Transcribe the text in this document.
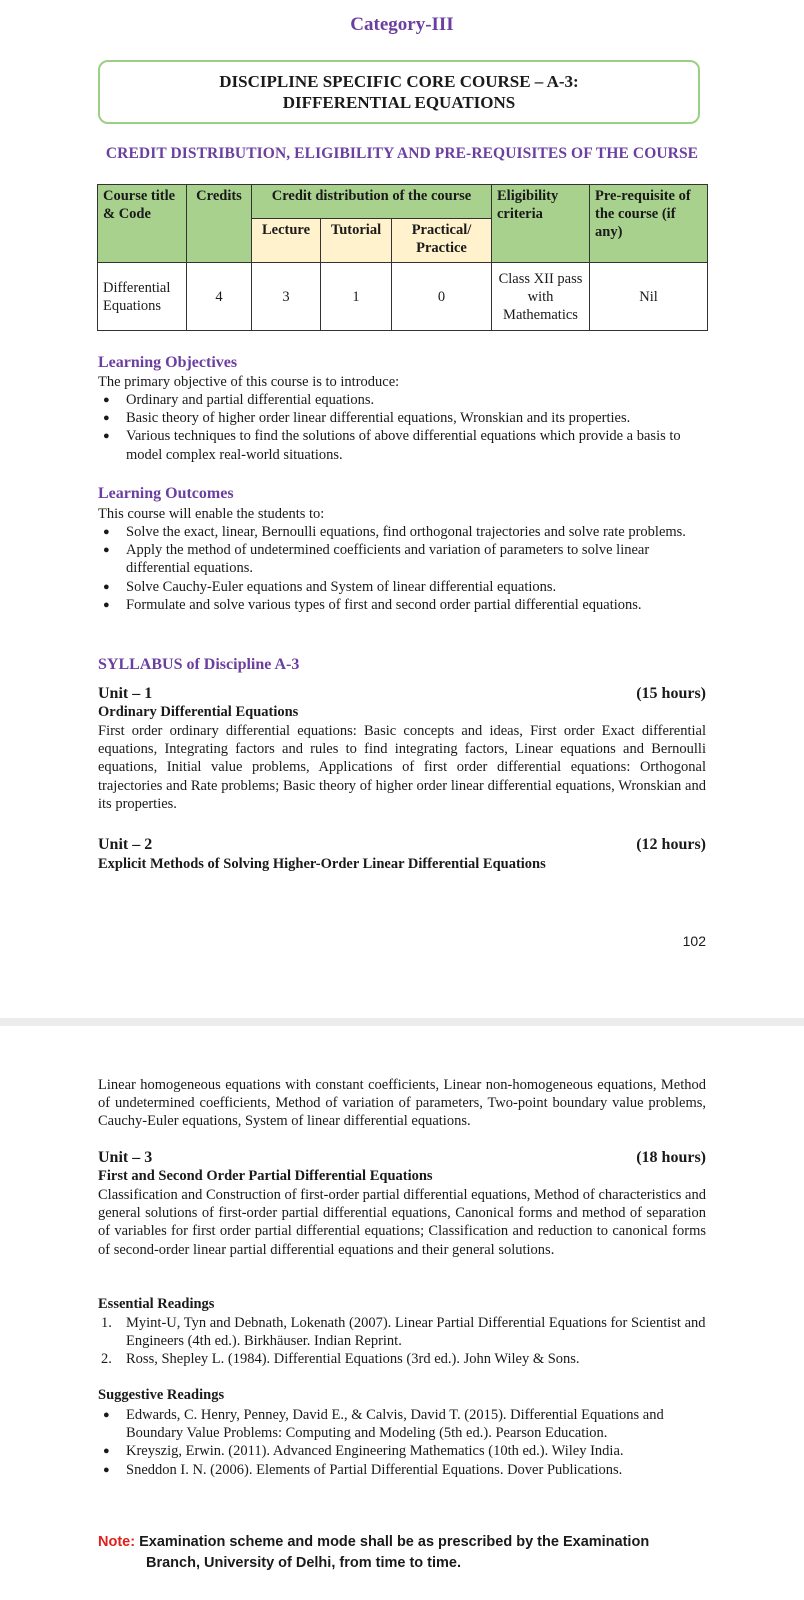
Category-III
DISCIPLINE SPECIFIC CORE COURSE – A-3:
DIFFERENTIAL EQUATIONS
CREDIT DISTRIBUTION, ELIGIBILITY AND PRE-REQUISITES OF THE COURSE
Course title & Code	Credits	Credit distribution of the course			Eligibility criteria	Pre-requisite of the course (if any)
		Lecture	Tutorial	Practical/ Practice		
Differential Equations	4	3	1	0	Class XII pass with Mathematics	Nil
Learning Objectives
The primary objective of this course is to introduce:
● Ordinary and partial differential equations.
● Basic theory of higher order linear differential equations, Wronskian and its properties.
● Various techniques to find the solutions of above differential equations which provide a basis to model complex real-world situations.
Learning Outcomes
This course will enable the students to:
● Solve the exact, linear, Bernoulli equations, find orthogonal trajectories and solve rate problems.
● Apply the method of undetermined coefficients and variation of parameters to solve linear differential equations.
● Solve Cauchy-Euler equations and System of linear differential equations.
● Formulate and solve various types of first and second order partial differential equations.
SYLLABUS of Discipline A-3
Unit – 1	(15 hours)
Ordinary Differential Equations
First order ordinary differential equations: Basic concepts and ideas, First order Exact differential equations, Integrating factors and rules to find integrating factors, Linear equations and Bernoulli equations, Initial value problems, Applications of first order differential equations: Orthogonal trajectories and Rate problems; Basic theory of higher order linear differential equations, Wronskian and its properties.
Unit – 2	(12 hours)
Explicit Methods of Solving Higher-Order Linear Differential Equations
102
Linear homogeneous equations with constant coefficients, Linear non-homogeneous equations, Method of undetermined coefficients, Method of variation of parameters, Two-point boundary value problems, Cauchy-Euler equations, System of linear differential equations.
Unit – 3	(18 hours)
First and Second Order Partial Differential Equations
Classification and Construction of first-order partial differential equations, Method of characteristics and general solutions of first-order partial differential equations, Canonical forms and method of separation of variables for first order partial differential equations; Classification and reduction to canonical forms of second-order linear partial differential equations and their general solutions.
Essential Readings
1. Myint-U, Tyn and Debnath, Lokenath (2007). Linear Partial Differential Equations for Scientist and Engineers (4th ed.). Birkhäuser. Indian Reprint.
2. Ross, Shepley L. (1984). Differential Equations (3rd ed.). John Wiley & Sons.
Suggestive Readings
● Edwards, C. Henry, Penney, David E., & Calvis, David T. (2015). Differential Equations and Boundary Value Problems: Computing and Modeling (5th ed.). Pearson Education.
● Kreyszig, Erwin. (2011). Advanced Engineering Mathematics (10th ed.). Wiley India.
● Sneddon I. N. (2006). Elements of Partial Differential Equations. Dover Publications.
Note: Examination scheme and mode shall be as prescribed by the Examination
Branch, University of Delhi, from time to time.
